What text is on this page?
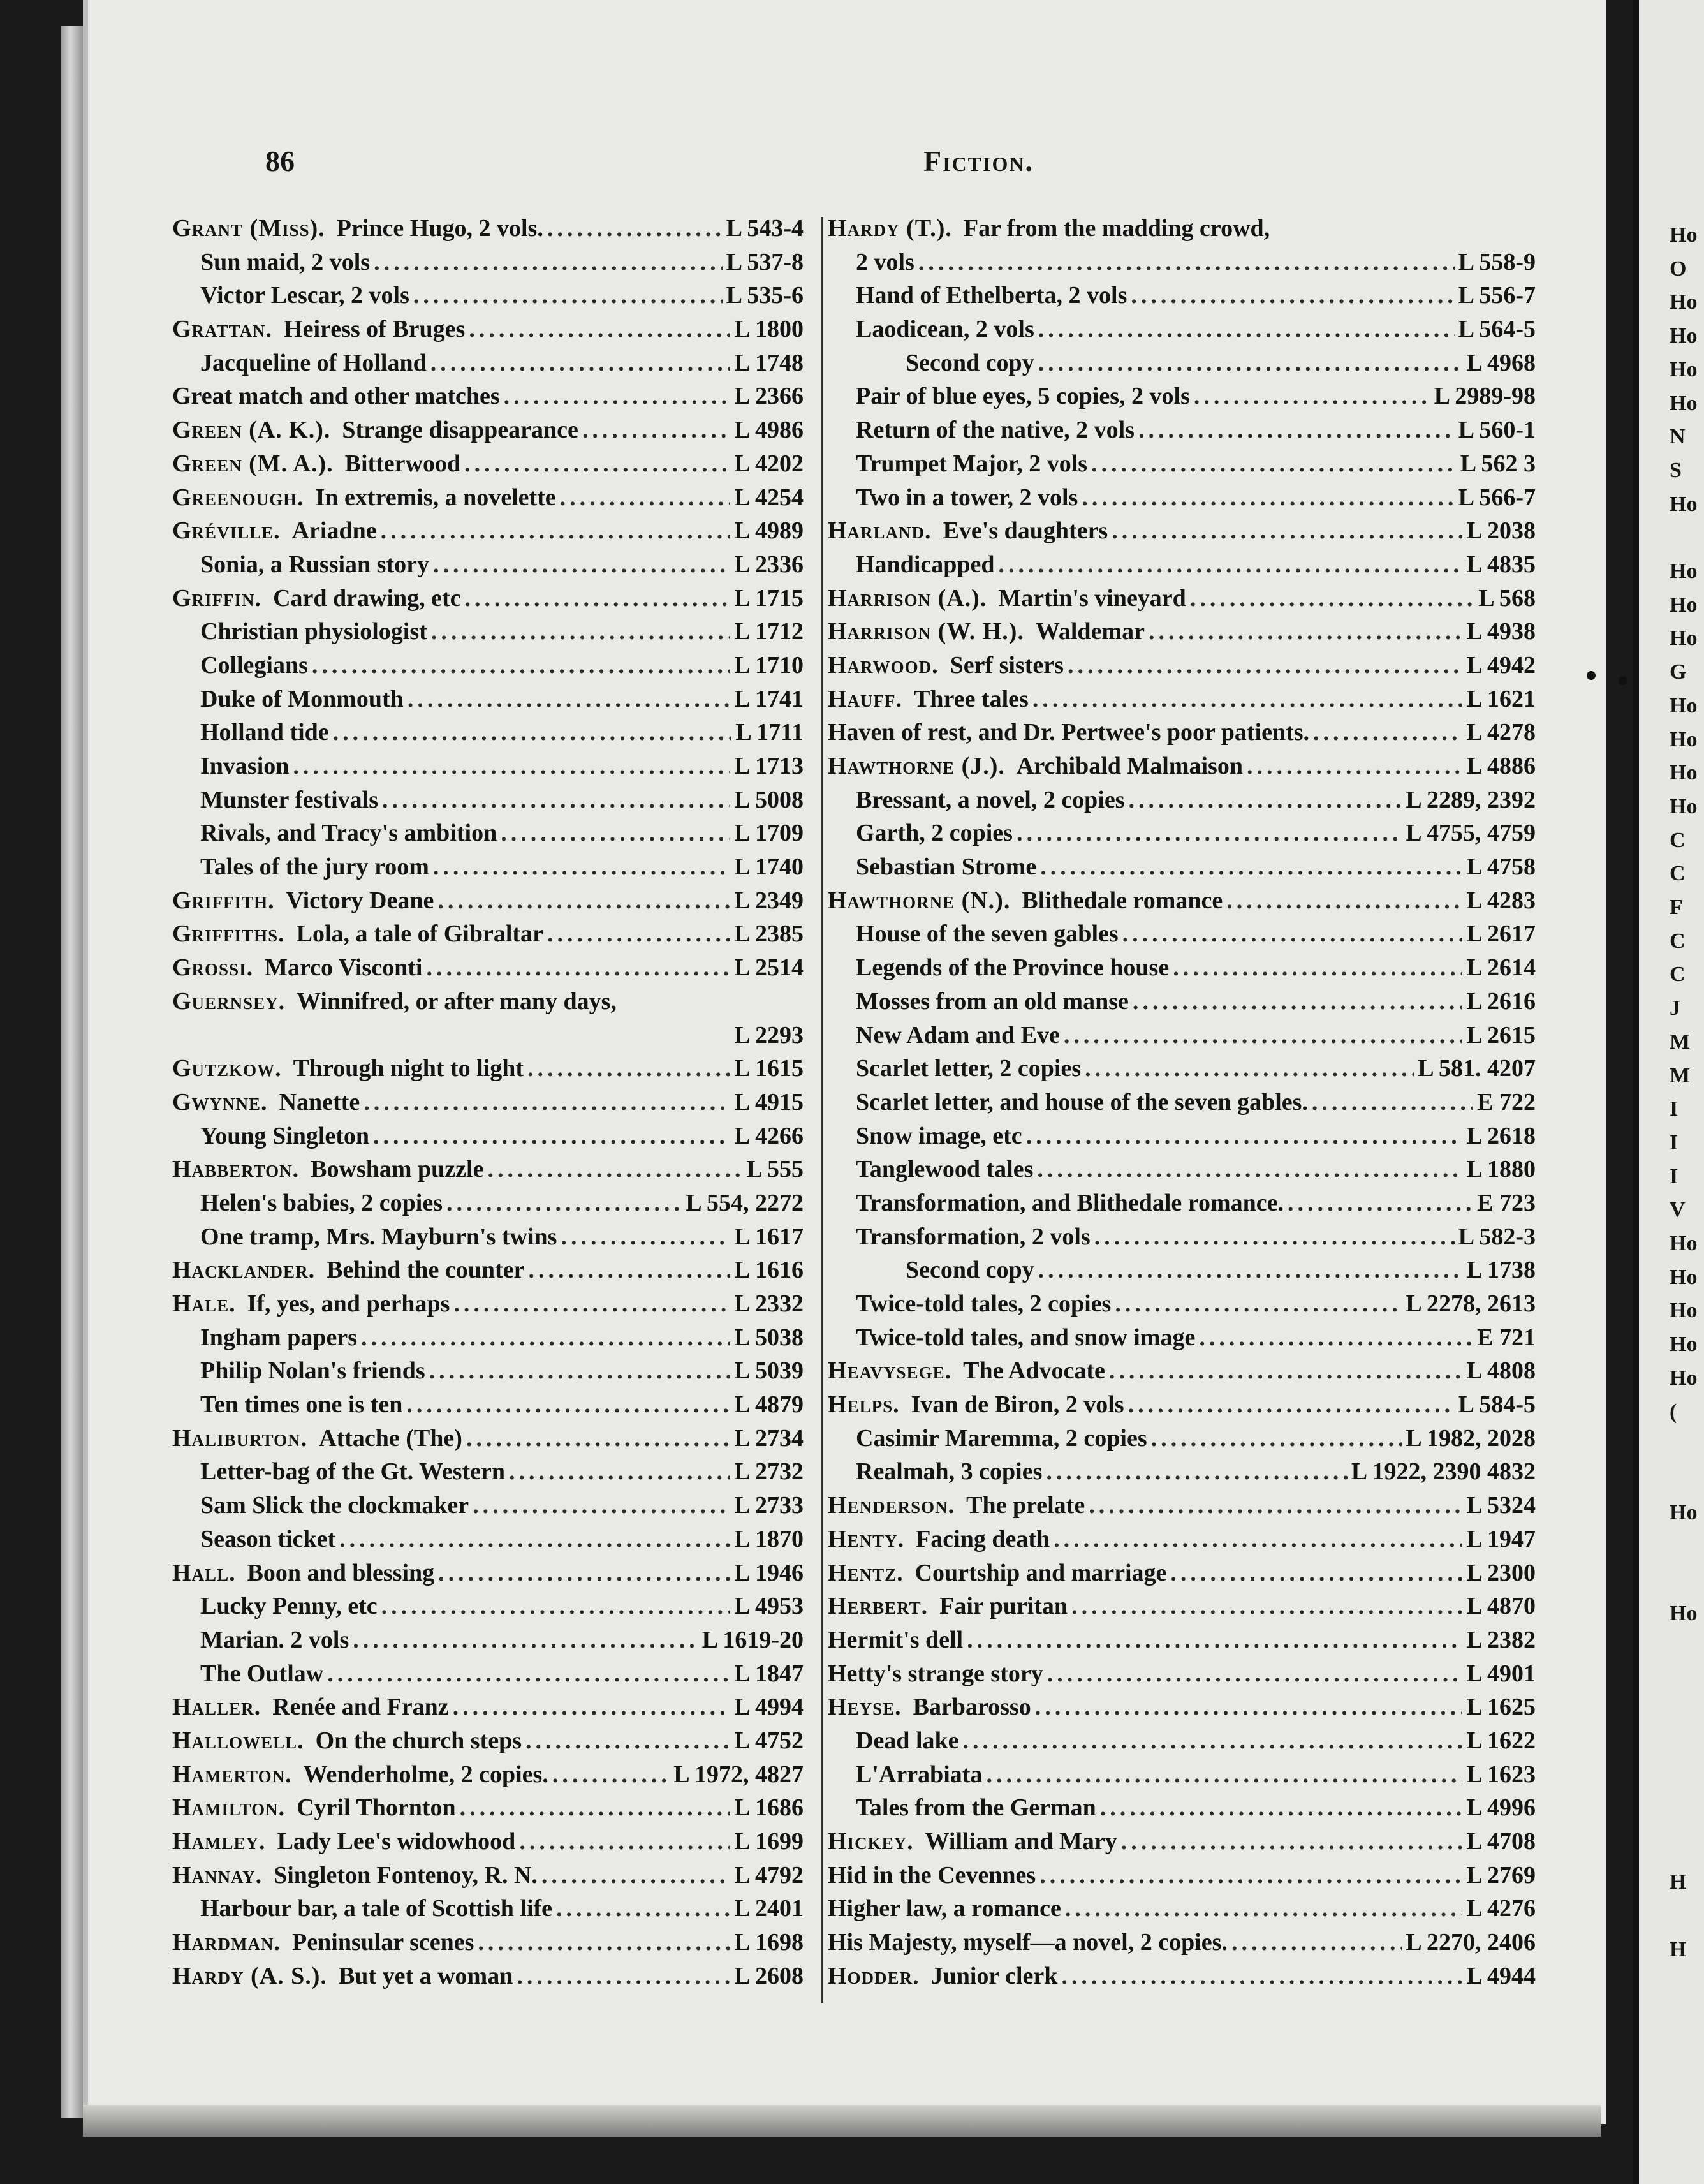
86	Fiction.
Grant (Miss). Prince Hugo, 2 vols. .....	L 543-4
Sun maid, 2 vols .....	L 537-8
Victor Lescar, 2 vols .....	L 535-6
Grattan. Heiress of Bruges .....	L 1800
Jacqueline of Holland .....	L 1748
Great match and other matches .....	L 2366
Green (A. K.). Strange disappearance .....	L 4986
Green (M. A.). Bitterwood .....	L 4202
Greenough. In extremis, a novelette .....	L 4254
Gréville. Ariadne .....	L 4989
Sonia, a Russian story .....	L 2336
Griffin. Card drawing, etc .....	L 1715
Christian physiologist .....	L 1712
Collegians .....	L 1710
Duke of Monmouth .....	L 1741
Holland tide .....	L 1711
Invasion .....	L 1713
Munster festivals .....	L 5008
Rivals, and Tracy's ambition .....	L 1709
Tales of the jury room .....	L 1740
Griffith. Victory Deane .....	L 2349
Griffiths. Lola, a tale of Gibraltar .....	L 2385
Grossi. Marco Visconti .....	L 2514
Guernsey. Winnifred, or after many days,
L 2293
Gutzkow. Through night to light .....	L 1615
Gwynne. Nanette .....	L 4915
Young Singleton .....	L 4266
Habberton. Bowsham puzzle .....	L 555
Helen's babies, 2 copies .....	L 554, 2272
One tramp, Mrs. Mayburn's twins .....	L 1617
Hacklander. Behind the counter .....	L 1616
Hale. If, yes, and perhaps .....	L 2332
Ingham papers .....	L 5038
Philip Nolan's friends .....	L 5039
Ten times one is ten .....	L 4879
Haliburton. Attache (The) .....	L 2734
Letter-bag of the Gt. Western .....	L 2732
Sam Slick the clockmaker .....	L 2733
Season ticket .....	L 1870
Hall. Boon and blessing .....	L 1946
Lucky Penny, etc .....	L 4953
Marian. 2 vols .....	L 1619-20
The Outlaw .....	L 1847
Haller. Renée and Franz .....	L 4994
Hallowell. On the church steps .....	L 4752
Hamerton. Wenderholme, 2 copies. .....	L 1972, 4827
Hamilton. Cyril Thornton .....	L 1686
Hamley. Lady Lee's widowhood .....	L 1699
Hannay. Singleton Fontenoy, R. N. .....	L 4792
Harbour bar, a tale of Scottish life .....	L 2401
Hardman. Peninsular scenes .....	L 1698
Hardy (A. S.). But yet a woman .....	L 2608
Hardy (T.). Far from the madding crowd,
2 vols .....	L 558-9
Hand of Ethelberta, 2 vols .....	L 556-7
Laodicean, 2 vols .....	L 564-5
Second copy .....	L 4968
Pair of blue eyes, 5 copies, 2 vols .....	L 2989-98
Return of the native, 2 vols .....	L 560-1
Trumpet Major, 2 vols .....	L 562 3
Two in a tower, 2 vols .....	L 566-7
Harland. Eve's daughters .....	L 2038
Handicapped .....	L 4835
Harrison (A.). Martin's vineyard .....	L 568
Harrison (W. H.). Waldemar .....	L 4938
Harwood. Serf sisters .....	L 4942
Hauff. Three tales .....	L 1621
Haven of rest, and Dr. Pertwee's poor patients. .....	L 4278
Hawthorne (J.). Archibald Malmaison .....	L 4886
Bressant, a novel, 2 copies .....	L 2289, 2392
Garth, 2 copies .....	L 4755, 4759
Sebastian Strome .....	L 4758
Hawthorne (N.). Blithedale romance .....	L 4283
House of the seven gables .....	L 2617
Legends of the Province house .....	L 2614
Mosses from an old manse .....	L 2616
New Adam and Eve .....	L 2615
Scarlet letter, 2 copies .....	L 581. 4207
Scarlet letter, and house of the seven gables. .....	E 722
Snow image, etc .....	L 2618
Tanglewood tales .....	L 1880
Transformation, and Blithedale romance. .....	E 723
Transformation, 2 vols .....	L 582-3
Second copy .....	L 1738
Twice-told tales, 2 copies .....	L 2278, 2613
Twice-told tales, and snow image .....	E 721
Heavysege. The Advocate .....	L 4808
Helps. Ivan de Biron, 2 vols .....	L 584-5
Casimir Maremma, 2 copies .....	L 1982, 2028
Realmah, 3 copies .....	L 1922, 2390 4832
Henderson. The prelate .....	L 5324
Henty. Facing death .....	L 1947
Hentz. Courtship and marriage .....	L 2300
Herbert. Fair puritan .....	L 4870
Hermit's dell .....	L 2382
Hetty's strange story .....	L 4901
Heyse. Barbarosso .....	L 1625
Dead lake .....	L 1622
L'Arrabiata .....	L 1623
Tales from the German .....	L 4996
Hickey. William and Mary .....	L 4708
Hid in the Cevennes .....	L 2769
Higher law, a romance .....	L 4276
His Majesty, myself—a novel, 2 copies. .....	L 2270, 2406
Hodder. Junior clerk .....	L 4944
Ho
O
Ho
Ho
Ho
Ho
N
S
Ho
Ho
Ho
Ho
G
Ho
Ho
Ho
Ho
C
C
F
C
C
J
M
M
I
I
I
V
Ho
Ho
Ho
Ho
Ho
(
Ho
Ho
H
H
